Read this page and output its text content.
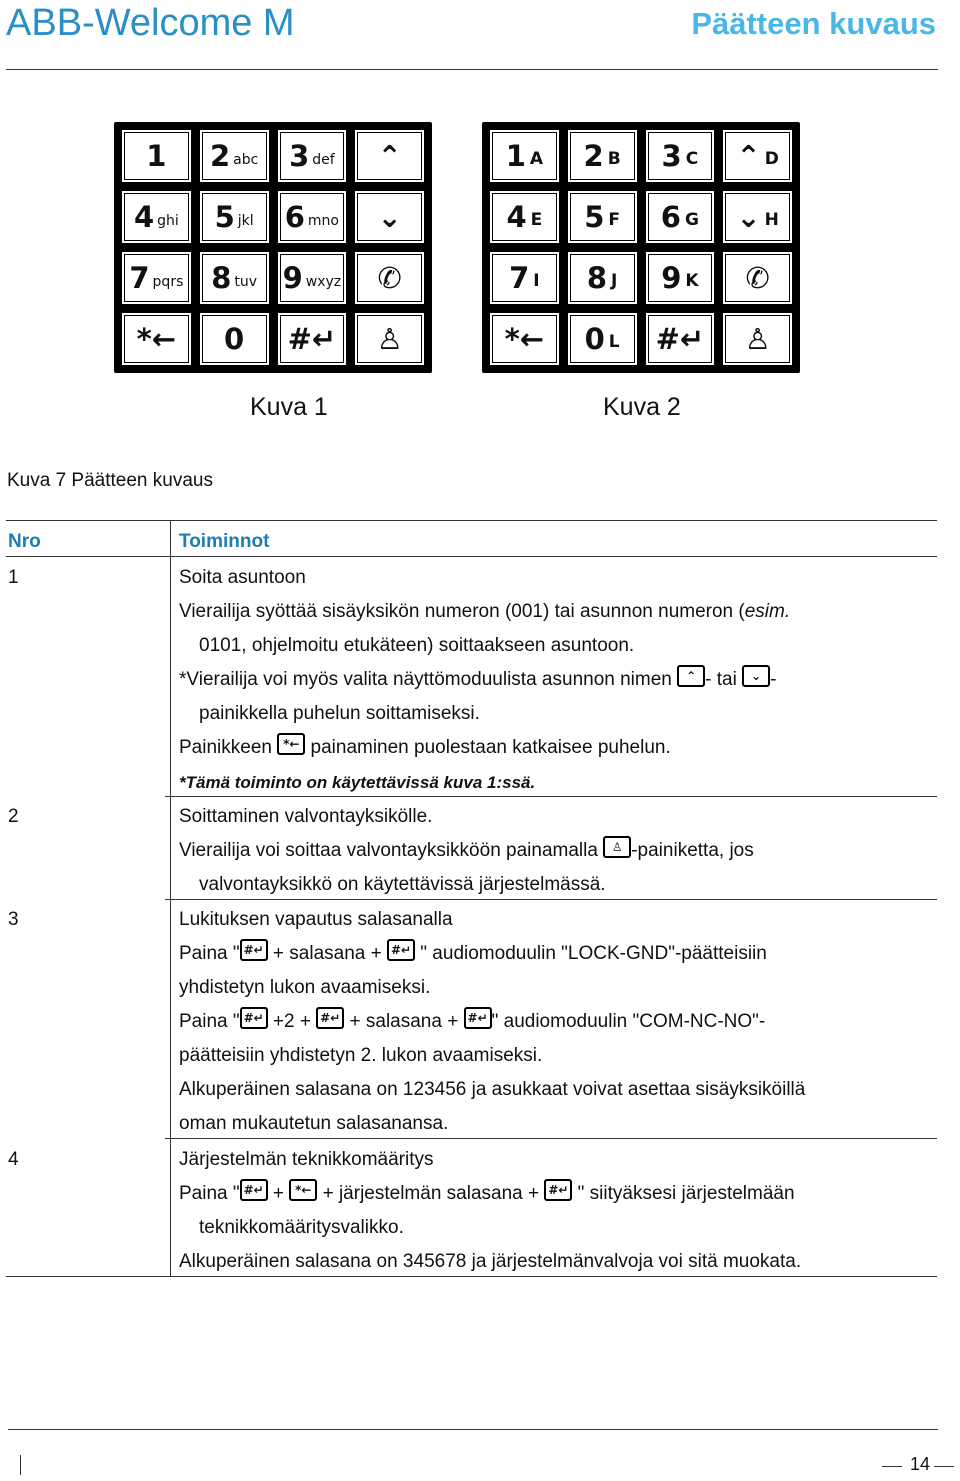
ABB-Welcome M	Päätteen kuvaus
1 2 abc 3 def ⌃
4 ghi 5 jkl 6 mno ⌄
7 pqrs 8 tuv 9 wxyz ✆
*← 0 #↵ ♙
1 A 2 B 3 C ⌃ D
4 E 5 F 6 G ⌄ H
7 I 8 J 9 K ✆
*← 0 L #↵ ♙
Kuva 1	Kuva 2
Kuva 7 Päätteen kuvaus
Nro	Toiminnot
1	Soita asuntoon
Vierailija syöttää sisäyksikön numeron (001) tai asunnon numeron (esim.
0101, ohjelmoitu etukäteen) soittaakseen asuntoon.
*Vierailija voi myös valita näyttömoduulista asunnon nimen ⌃ - tai ⌄ -
painikkella puhelun soittamiseksi.
Painikkeen *← painaminen puolestaan katkaisee puhelun.
*Tämä toiminto on käytettävissä kuva 1:ssä.
2	Soittaminen valvontayksikölle.
Vierailija voi soittaa valvontayksikköön painamalla ♙ -painiketta, jos
valvontayksikkö on käytettävissä järjestelmässä.
3	Lukituksen vapautus salasanalla
Paina " #↵ + salasana + #↵ " audiomoduulin "LOCK-GND"-päätteisiin
yhdistetyn lukon avaamiseksi.
Paina " #↵ +2 + #↵ + salasana + #↵ " audiomoduulin "COM-NC-NO"-
päätteisiin yhdistetyn 2. lukon avaamiseksi.
Alkuperäinen salasana on 123456 ja asukkaat voivat asettaa sisäyksiköillä
oman mukautetun salasanansa.
4	Järjestelmän teknikkomääritys
Paina " #↵ + *← + järjestelmän salasana + #↵ " siityäksesi järjestelmään
teknikkomääritysvalikko.
Alkuperäinen salasana on 345678 ja järjestelmänvalvoja voi sitä muokata.
14
